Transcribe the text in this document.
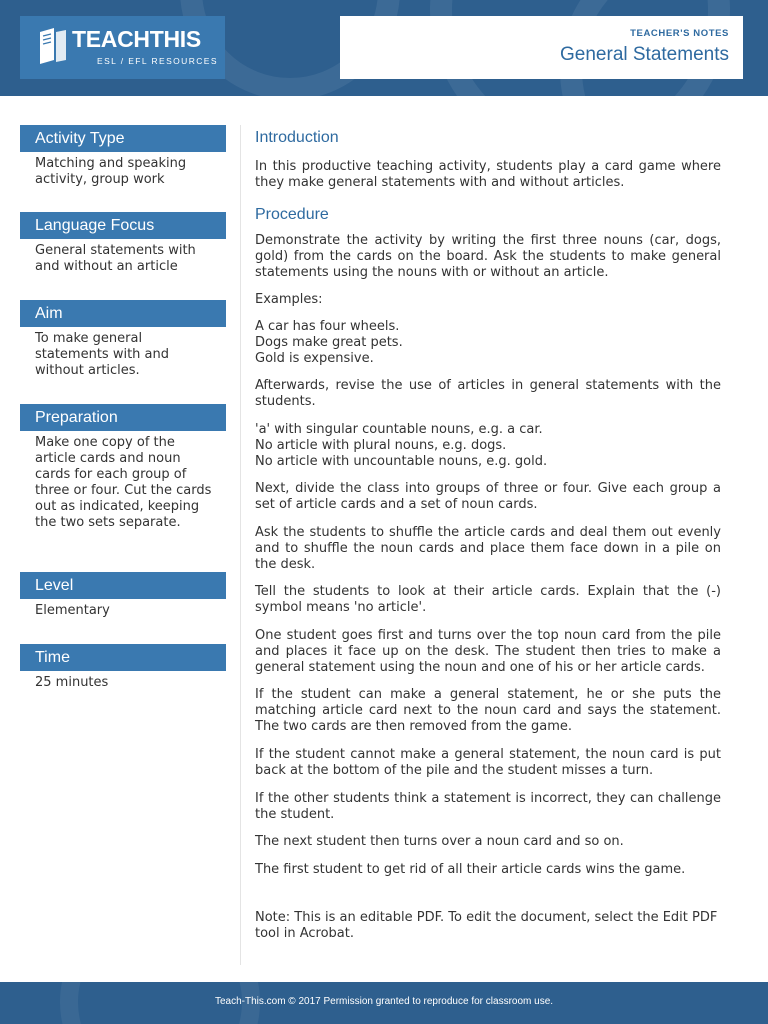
TEACHTHIS
ESL / EFL RESOURCES
TEACHER'S NOTES
General Statements
Activity Type
Matching and speaking activity, group work
Language Focus
General statements with and without an article
Aim
To make general statements with and without articles.
Preparation
Make one copy of the article cards and noun cards for each group of three or four. Cut the cards out as indicated, keeping the two sets separate.
Level
Elementary
Time
25 minutes
Introduction

In this productive teaching activity, students play a card game where they make general statements with and without articles.

Procedure

Demonstrate the activity by writing the first three nouns (car, dogs, gold) from the cards on the board. Ask the students to make general statements using the nouns with or without an article.

Examples:

A car has four wheels.
Dogs make great pets.
Gold is expensive.

Afterwards, revise the use of articles in general statements with the students.

'a' with singular countable nouns, e.g. a car.
No article with plural nouns, e.g. dogs.
No article with uncountable nouns, e.g. gold.

Next, divide the class into groups of three or four. Give each group a set of article cards and a set of noun cards.

Ask the students to shuffle the article cards and deal them out evenly and to shuffle the noun cards and place them face down in a pile on the desk.

Tell the students to look at their article cards. Explain that the (-) symbol means 'no article'.

One student goes first and turns over the top noun card from the pile and places it face up on the desk. The student then tries to make a general statement using the noun and one of his or her article cards.

If the student can make a general statement, he or she puts the matching article card next to the noun card and says the statement. The two cards are then removed from the game.

If the student cannot make a general statement, the noun card is put back at the bottom of the pile and the student misses a turn.

If the other students think a statement is incorrect, they can challenge the student.

The next student then turns over a noun card and so on.

The first student to get rid of all their article cards wins the game.

Note: This is an editable PDF. To edit the document, select the Edit PDF tool in Acrobat.

Teach-This.com © 2017 Permission granted to reproduce for classroom use.
